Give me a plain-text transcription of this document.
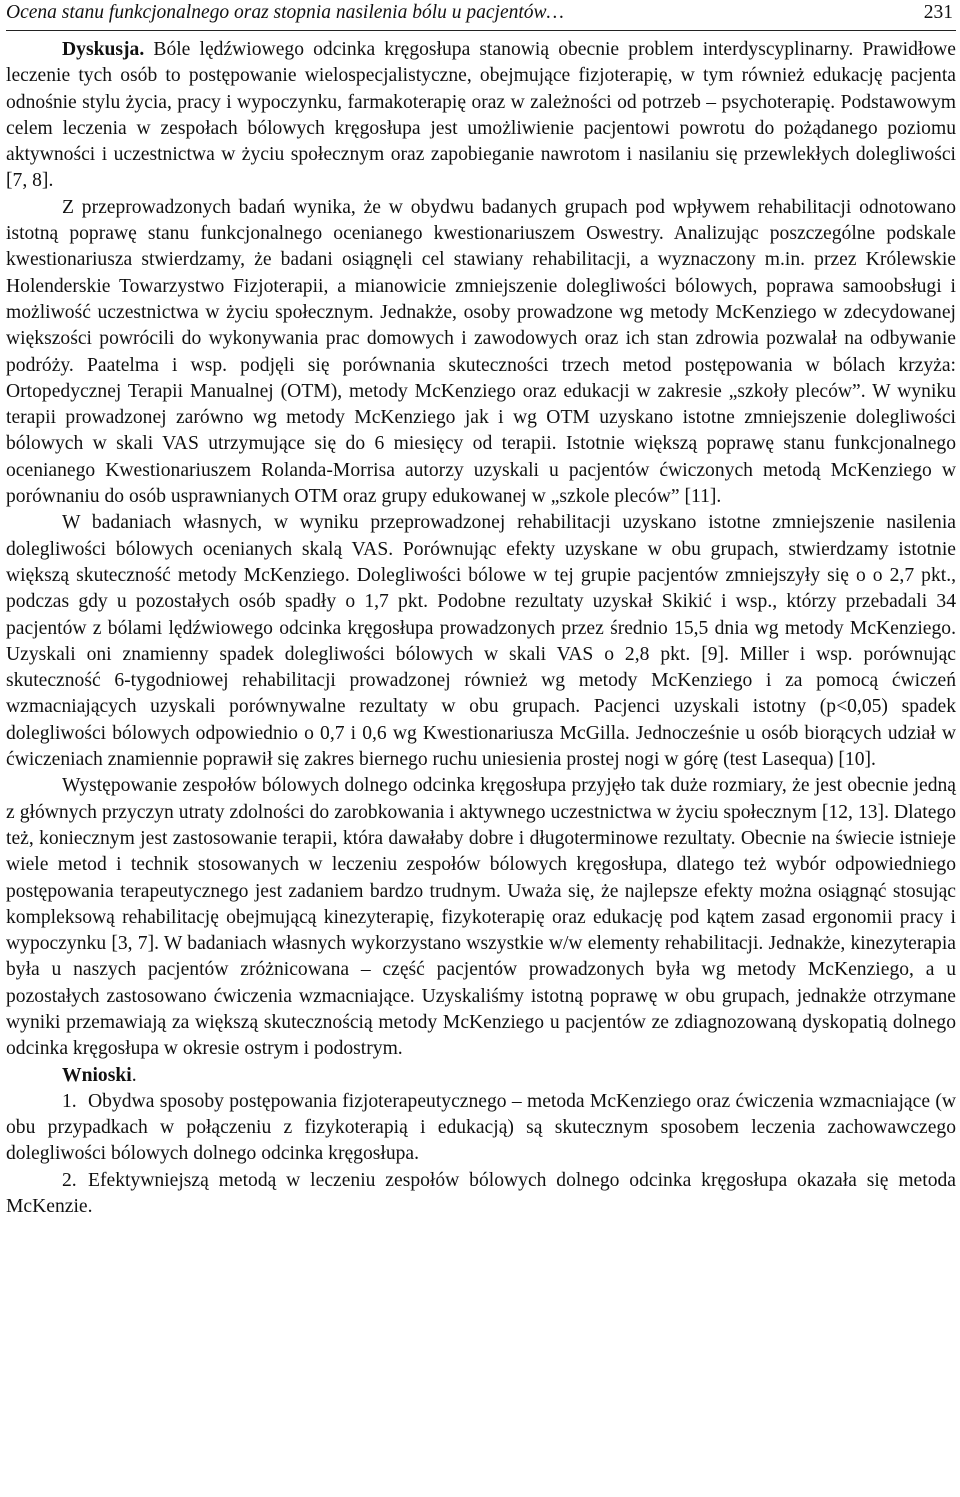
Ocena stanu funkcjonalnego oraz stopnia nasilenia bólu u pacjentów…	231

Dyskusja. Bóle lędźwiowego odcinka kręgosłupa stanowią obecnie problem interdyscyplinarny. Prawidłowe leczenie tych osób to postępowanie wielospecjalistyczne, obejmujące fizjoterapię, w tym również edukację pacjenta odnośnie stylu życia, pracy i wypoczynku, farmakoterapię oraz w zależności od potrzeb – psychoterapię. Podstawowym celem leczenia w zespołach bólowych kręgosłupa jest umożliwienie pacjentowi powrotu do pożądanego poziomu aktywności i uczestnictwa w życiu społecznym oraz zapobieganie nawrotom i nasilaniu się przewlekłych dolegliwości [7, 8].

Z przeprowadzonych badań wynika, że w obydwu badanych grupach pod wpływem rehabilitacji odnotowano istotną poprawę stanu funkcjonalnego ocenianego kwestionariuszem Oswestry. Analizując poszczególne podskale kwestionariusza stwierdzamy, że badani osiągnęli cel stawiany rehabilitacji, a wyznaczony m.in. przez Królewskie Holenderskie Towarzystwo Fizjoterapii, a mianowicie zmniejszenie dolegliwości bólowych, poprawa samoobsługi i możliwość uczestnictwa w życiu społecznym. Jednakże, osoby prowadzone wg metody McKenziego w zdecydowanej większości powrócili do wykonywania prac domowych i zawodowych oraz ich stan zdrowia pozwalał na odbywanie podróży. Paatelma i wsp. podjęli się porównania skuteczności trzech metod postępowania w bólach krzyża: Ortopedycznej Terapii Manualnej (OTM), metody McKenziego oraz edukacji w zakresie „szkoły pleców”. W wyniku terapii prowadzonej zarówno wg metody McKenziego jak i wg OTM uzyskano istotne zmniejszenie dolegliwości bólowych w skali VAS utrzymujące się do 6 miesięcy od terapii. Istotnie większą poprawę stanu funkcjonalnego ocenianego Kwestionariuszem Rolanda-Morrisa autorzy uzyskali u pacjentów ćwiczonych metodą McKenziego w porównaniu do osób usprawnianych OTM oraz grupy edukowanej w „szkole pleców” [11].

W badaniach własnych, w wyniku przeprowadzonej rehabilitacji uzyskano istotne zmniejszenie nasilenia dolegliwości bólowych ocenianych skalą VAS. Porównując efekty uzyskane w obu grupach, stwierdzamy istotnie większą skuteczność metody McKenziego. Dolegliwości bólowe w tej grupie pacjentów zmniejszyły się o o 2,7 pkt., podczas gdy u pozostałych osób spadły o 1,7 pkt. Podobne rezultaty uzyskał Skikić i wsp., którzy przebadali 34 pacjentów z bólami lędźwiowego odcinka kręgosłupa prowadzonych przez średnio 15,5 dnia wg metody McKenziego. Uzyskali oni znamienny spadek dolegliwości bólowych w skali VAS o 2,8 pkt. [9]. Miller i wsp. porównując skuteczność 6-tygodniowej rehabilitacji prowadzonej również wg metody McKenziego i za pomocą ćwiczeń wzmacniających uzyskali porównywalne rezultaty w obu grupach. Pacjenci uzyskali istotny (p<0,05) spadek dolegliwości bólowych odpowiednio o 0,7 i 0,6 wg Kwestionariusza McGilla. Jednocześnie u osób biorących udział w ćwiczeniach znamiennie poprawił się zakres biernego ruchu uniesienia prostej nogi w górę (test Lasequa) [10].

Występowanie zespołów bólowych dolnego odcinka kręgosłupa przyjęło tak duże rozmiary, że jest obecnie jedną z głównych przyczyn utraty zdolności do zarobkowania i aktywnego uczestnictwa w życiu społecznym [12, 13]. Dlatego też, koniecznym jest zastosowanie terapii, która dawałaby dobre i długoterminowe rezultaty. Obecnie na świecie istnieje wiele metod i technik stosowanych w leczeniu zespołów bólowych kręgosłupa, dlatego też wybór odpowiedniego postępowania terapeutycznego jest zadaniem bardzo trudnym. Uważa się, że najlepsze efekty można osiągnąć stosując kompleksową rehabilitację obejmującą kinezyterapię, fizykoterapię oraz edukację pod kątem zasad ergonomii pracy i wypoczynku [3, 7]. W badaniach własnych wykorzystano wszystkie w/w elementy rehabilitacji. Jednakże, kinezyterapia była u naszych pacjentów zróżnicowana – część pacjentów prowadzonych była wg metody McKenziego, a u pozostałych zastosowano ćwiczenia wzmacniające. Uzyskaliśmy istotną poprawę w obu grupach, jednakże otrzymane wyniki przemawiają za większą skutecznością metody McKenziego u pacjentów ze zdiagnozowaną dyskopatią dolnego odcinka kręgosłupa w okresie ostrym i podostrym.

Wnioski.

1. Obydwa sposoby postępowania fizjoterapeutycznego – metoda McKenziego oraz ćwiczenia wzmacniające (w obu przypadkach w połączeniu z fizykoterapią i edukacją) są skutecznym sposobem leczenia zachowawczego dolegliwości bólowych dolnego odcinka kręgosłupa.

2. Efektywniejszą metodą w leczeniu zespołów bólowych dolnego odcinka kręgosłupa okazała się metoda McKenzie.
